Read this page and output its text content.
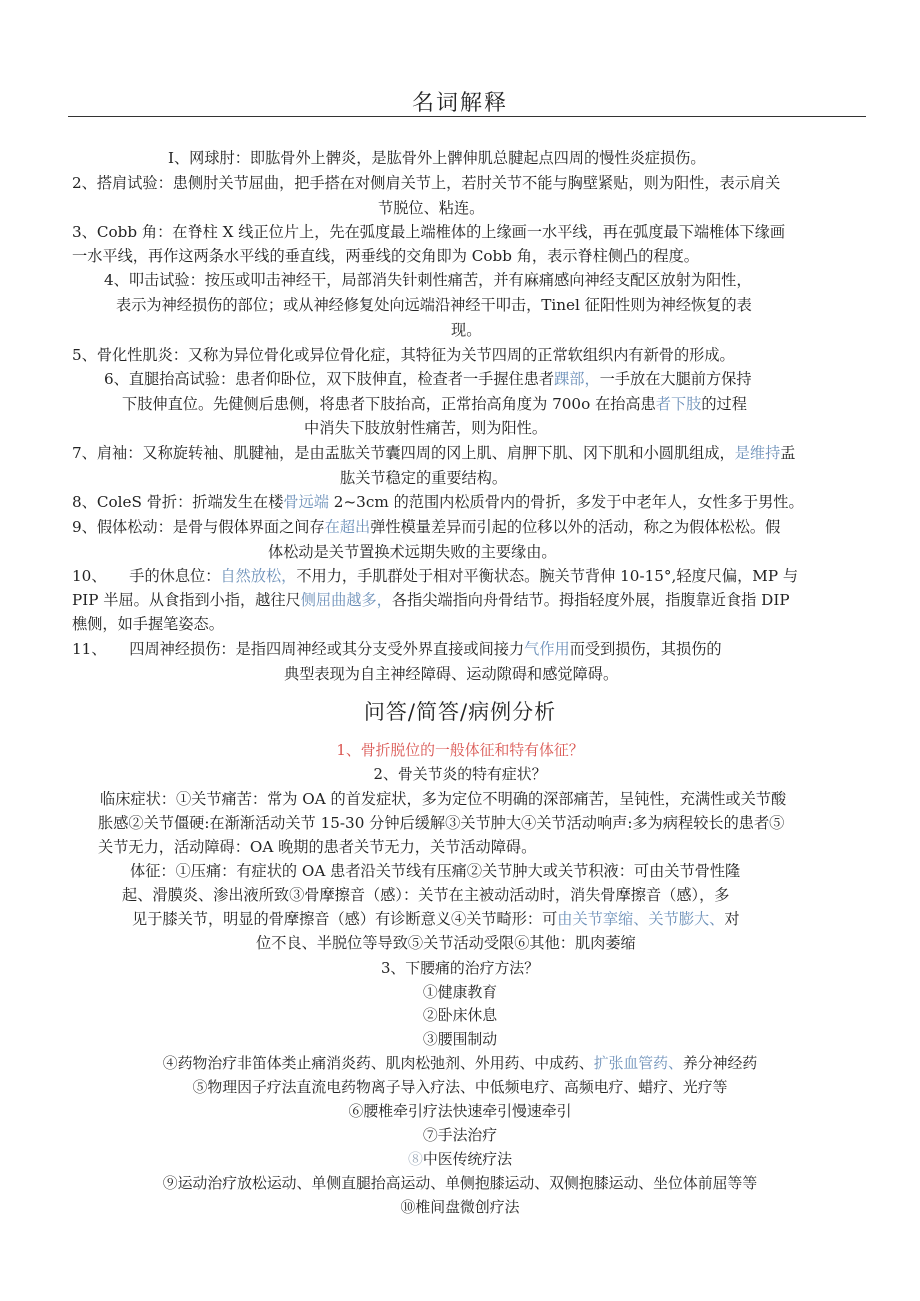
名词解释
I、网球肘：即肱骨外上髀炎，是肱骨外上髀伸肌总腱起点四周的慢性炎症损伤。
2、搭肩试验：患侧肘关节屈曲，把手搭在对侧肩关节上，若肘关节不能与胸壁紧贴，则为阳性，表示肩关
节脱位、粘连。
3、Cobb 角：在脊柱 X 线正位片上，先在弧度最上端椎体的上缘画一水平线，再在弧度最下端椎体下缘画
一水平线，再作这两条水平线的垂直线，两垂线的交角即为 Cobb 角，表示脊柱侧凸的程度。
4、叩击试验：按压或叩击神经干，局部消失针刺性痛苦，并有麻痛感向神经支配区放射为阳性，
表示为神经损伤的部位；或从神经修复处向远端沿神经干叩击，Tinel 征阳性则为神经恢复的表
现。
5、骨化性肌炎：又称为异位骨化或异位骨化症，其特征为关节四周的正常软组织内有新骨的形成。
6、直腿抬高试验：患者仰卧位，双下肢伸直，检查者一手握住患者踝部，一手放在大腿前方保持
下肢伸直位。先健侧后患侧，将患者下肢抬高，正常抬高角度为 700o 在抬高患者下肢的过程
中消失下肢放射性痛苦，则为阳性。
7、肩袖：又称旋转袖、肌腱袖，是由盂肱关节囊四周的冈上肌、肩胛下肌、冈下肌和小圆肌组成，是维持盂
肱关节稳定的重要结构。
8、ColeS 骨折：折端发生在楼骨远端 2~3cm 的范围内松质骨内的骨折，多发于中老年人，女性多于男性。
9、假体松动：是骨与假体界面之间存在超出弹性模量差异而引起的位移以外的活动，称之为假体松松。假
体松动是关节置换术远期失败的主要缘由。
10、　　手的休息位：自然放松，不用力，手肌群处于相对平衡状态。腕关节背伸 10-15°,轻度尺偏，MP 与
PIP 半屈。从食指到小指，越往尺侧屈曲越多，各指尖端指向舟骨结节。拇指轻度外展，指腹靠近食指 DIP
樵侧，如手握笔姿态。
11、　　四周神经损伤：是指四周神经或其分支受外界直接或间接力气作用而受到损伤，其损伤的
典型表现为自主神经障碍、运动隙碍和感觉障碍。
问答/简答/病例分析
1、骨折脱位的一般体征和特有体征？
2、骨关节炎的特有症状？
临床症状：①关节痛苦：常为 OA 的首发症状，多为定位不明确的深部痛苦，呈钝性，充满性或关节酸
胀感②关节僵硬:在渐渐活动关节 15-30 分钟后缓解③关节肿大④关节活动响声:多为病程较长的患者⑤
关节无力，活动障碍：OA 晚期的患者关节无力，关节活动障碍。
体征：①压痛：有症状的 OA 患者沿关节线有压痛②关节肿大或关节积液：可由关节骨性隆
起、滑膜炎、渗出液所致③骨摩擦音（感）：关节在主被动活动时，消失骨摩擦音（感），多
见于膝关节，明显的骨摩擦音（感）有诊断意义④关节畸形：可由关节挛缩、关节膨大、对
位不良、半脱位等导致⑤关节活动受限⑥其他：肌肉萎缩
3、下腰痛的治疗方法？
①健康教育
②卧床休息
③腰围制动
④药物治疗非笛体类止痛消炎药、肌肉松弛剂、外用药、中成药、扩张血管药、养分神经药
⑤物理因子疗法直流电药物离子导入疗法、中低频电疗、高频电疗、蜡疗、光疗等
⑥腰椎牵引疗法快速牵引慢速牵引
⑦手法治疗
⑧中医传统疗法
⑨运动治疗放松运动、单侧直腿抬高运动、单侧抱膝运动、双侧抱膝运动、坐位体前屈等等
⑩椎间盘微创疗法
